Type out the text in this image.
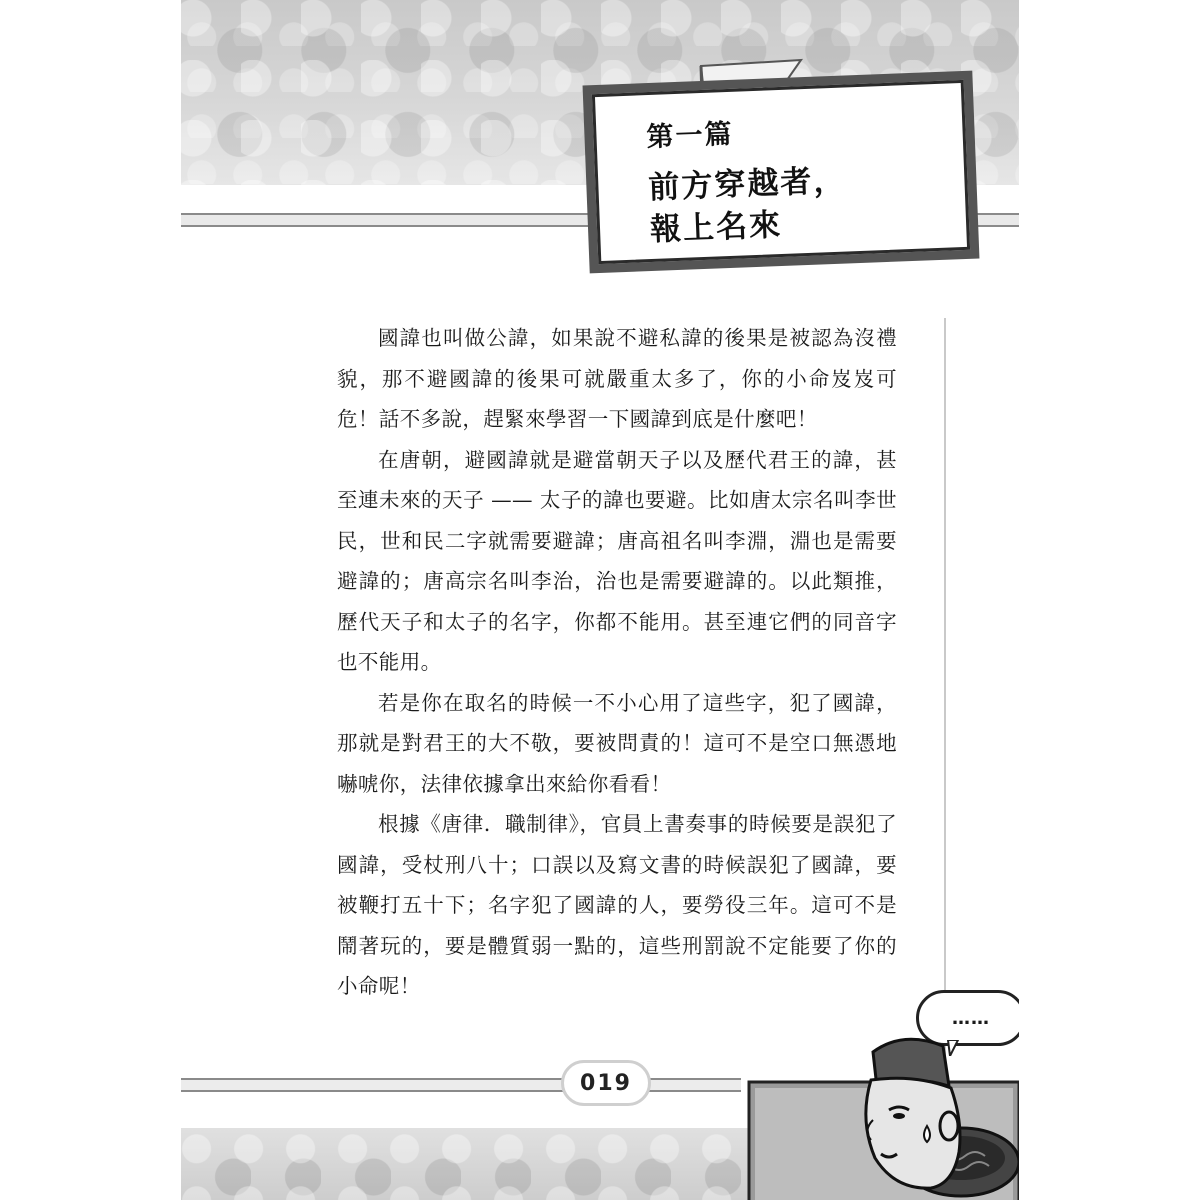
第一篇
前方穿越者，
報上名來

國諱也叫做公諱，如果說不避私諱的後果是被認為沒禮貌，那不避國諱的後果可就嚴重太多了，你的小命岌岌可危！話不多說，趕緊來學習一下國諱到底是什麼吧！

在唐朝，避國諱就是避當朝天子以及歷代君王的諱，甚至連未來的天子 —— 太子的諱也要避。比如唐太宗名叫李世民，世和民二字就需要避諱；唐高祖名叫李淵，淵也是需要避諱的；唐高宗名叫李治，治也是需要避諱的。以此類推，歷代天子和太子的名字，你都不能用。甚至連它們的同音字也不能用。

若是你在取名的時候一不小心用了這些字，犯了國諱，那就是對君王的大不敬，要被問責的！這可不是空口無憑地嚇唬你，法律依據拿出來給你看看！

根據《唐律．職制律》，官員上書奏事的時候要是誤犯了國諱，受杖刑八十；口誤以及寫文書的時候誤犯了國諱，要被鞭打五十下；名字犯了國諱的人，要勞役三年。這可不是鬧著玩的，要是體質弱一點的，這些刑罰說不定能要了你的小命呢！

019
……
